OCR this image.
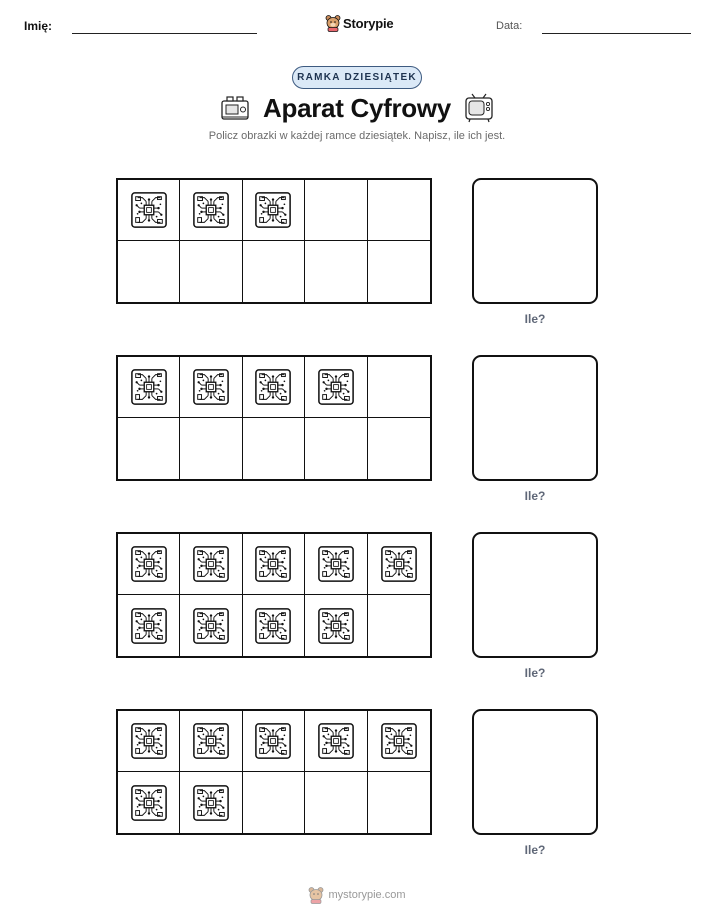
Imię:	Storypie	Data:
RAMKA DZIESIĄTEK
Aparat Cyfrowy
Policz obrazki w każdej ramce dziesiątek. Napisz, ile ich jest.
Ile?
Ile?
Ile?
Ile?
mystorypie.com
